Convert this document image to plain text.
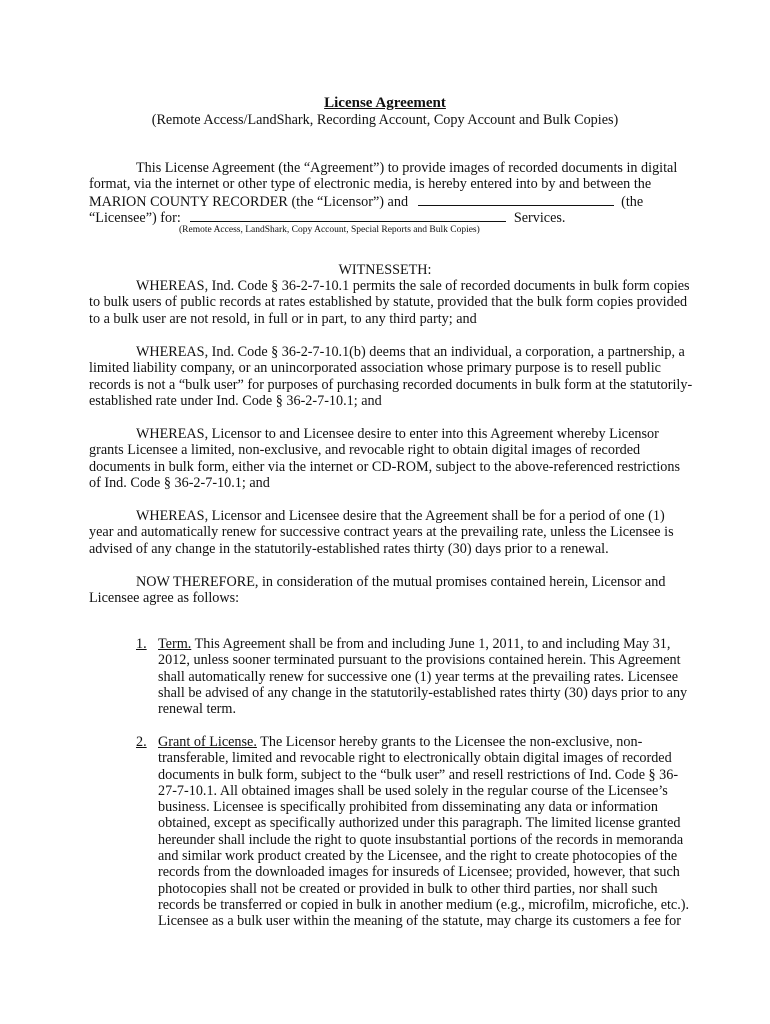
License Agreement
(Remote Access/LandShark, Recording Account, Copy Account and Bulk Copies)
This License Agreement (the “Agreement”) to provide images of recorded documents in digital
format, via the internet or other type of electronic media, is hereby entered into by and between the
MARION COUNTY RECORDER (the “Licensor”) and	(the
“Licensee”) for:	Services.
(Remote Access, LandShark, Copy Account, Special Reports and Bulk Copies)
WITNESSETH:
WHEREAS, Ind. Code § 36-2-7-10.1 permits the sale of recorded documents in bulk form copies
to bulk users of public records at rates established by statute, provided that the bulk form copies provided
to a bulk user are not resold, in full or in part, to any third party; and
WHEREAS, Ind. Code § 36-2-7-10.1(b) deems that an individual, a corporation, a partnership, a
limited liability company, or an unincorporated association whose primary purpose is to resell public
records is not a “bulk user” for purposes of purchasing recorded documents in bulk form at the statutorily-
established rate under Ind. Code § 36-2-7-10.1; and
WHEREAS, Licensor to and Licensee desire to enter into this Agreement whereby Licensor
grants Licensee a limited, non-exclusive, and revocable right to obtain digital images of recorded
documents in bulk form, either via the internet or CD-ROM, subject to the above-referenced restrictions
of Ind. Code § 36-2-7-10.1; and
WHEREAS, Licensor and Licensee desire that the Agreement shall be for a period of one (1)
year and automatically renew for successive contract years at the prevailing rate, unless the Licensee is
advised of any change in the statutorily-established rates thirty (30) days prior to a renewal.
NOW THEREFORE, in consideration of the mutual promises contained herein, Licensor and
Licensee agree as follows:
1. Term. This Agreement shall be from and including June 1, 2011, to and including May 31,
2012, unless sooner terminated pursuant to the provisions contained herein. This Agreement
shall automatically renew for successive one (1) year terms at the prevailing rates. Licensee
shall be advised of any change in the statutorily-established rates thirty (30) days prior to any
renewal term.
2. Grant of License. The Licensor hereby grants to the Licensee the non-exclusive, non-
transferable, limited and revocable right to electronically obtain digital images of recorded
documents in bulk form, subject to the “bulk user” and resell restrictions of Ind. Code § 36-
27-7-10.1. All obtained images shall be used solely in the regular course of the Licensee’s
business. Licensee is specifically prohibited from disseminating any data or information
obtained, except as specifically authorized under this paragraph. The limited license granted
hereunder shall include the right to quote insubstantial portions of the records in memoranda
and similar work product created by the Licensee, and the right to create photocopies of the
records from the downloaded images for insureds of Licensee; provided, however, that such
photocopies shall not be created or provided in bulk to other third parties, nor shall such
records be transferred or copied in bulk in another medium (e.g., microfilm, microfiche, etc.).
Licensee as a bulk user within the meaning of the statute, may charge its customers a fee for
